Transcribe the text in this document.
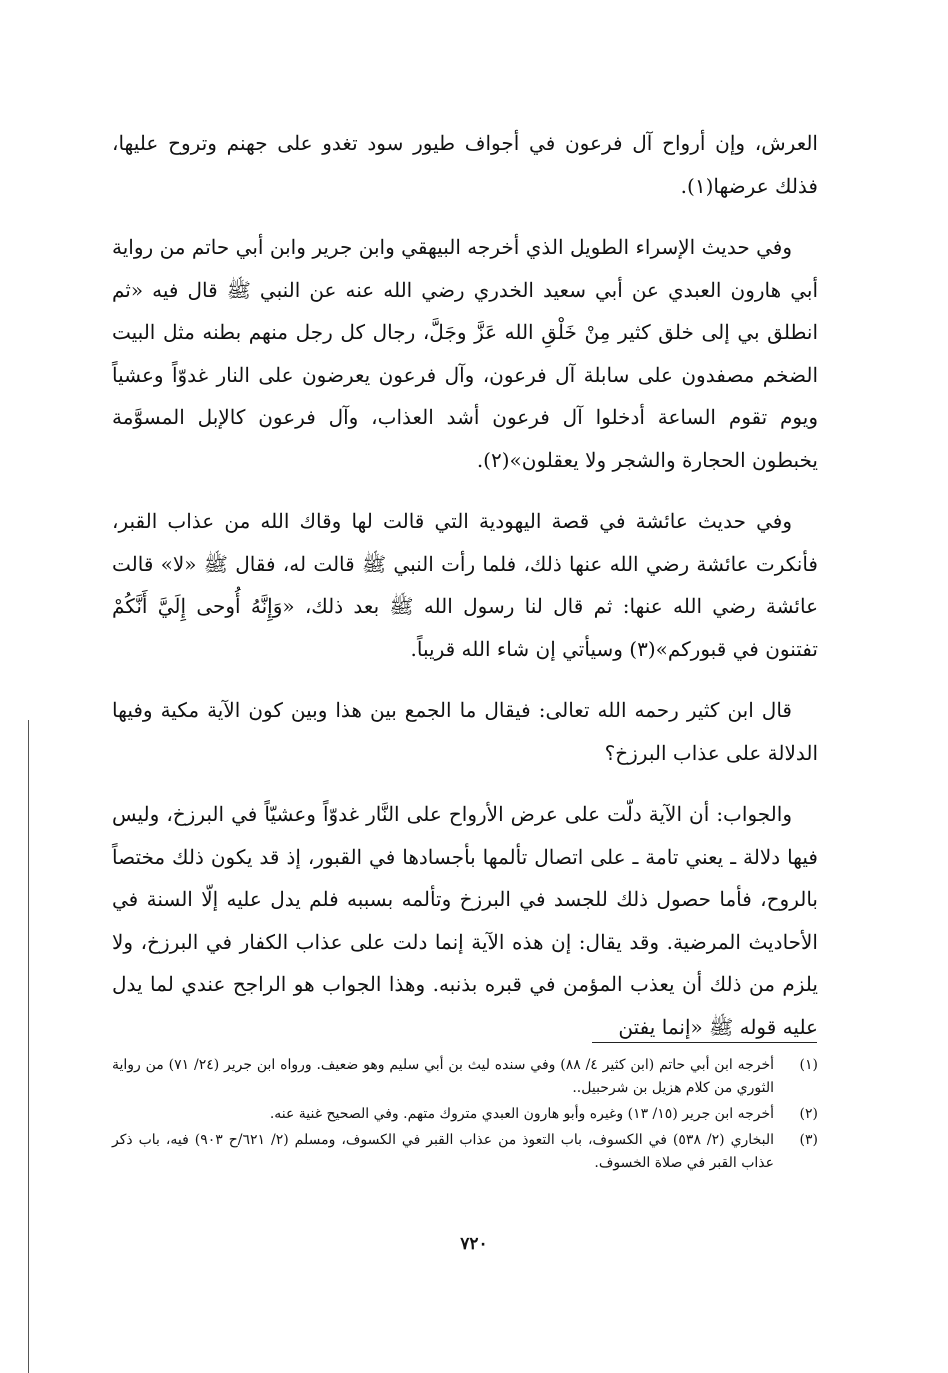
العرش، وإن أرواح آل فرعون في أجواف طيور سود تغدو على جهنم وتروح عليها، فذلك عرضها(١).

وفي حديث الإسراء الطويل الذي أخرجه البيهقي وابن جرير وابن أبي حاتم من رواية أبي هارون العبدي عن أبي سعيد الخدري رضي الله عنه عن النبي ﷺ قال فيه «ثم انطلق بي إلى خلق كثير مِنْ خَلْقِ الله عَزَّ وجَلَّ، رجال كل رجل منهم بطنه مثل البيت الضخم مصفدون على سابلة آل فرعون، وآل فرعون يعرضون على النار غدوّاً وعشياً ويوم تقوم الساعة أدخلوا آل فرعون أشد العذاب، وآل فرعون كالإبل المسوَّمة يخبطون الحجارة والشجر ولا يعقلون»(٢).

وفي حديث عائشة في قصة اليهودية التي قالت لها وقاك الله من عذاب القبر، فأنكرت عائشة رضي الله عنها ذلك، فلما رأت النبي ﷺ قالت له، فقال ﷺ «لا» قالت عائشة رضي الله عنها: ثم قال لنا رسول الله ﷺ بعد ذلك، «وَإِنَّهُ أُوحى إِلَيَّ أَنَّكُمْ تفتنون في قبوركم»(٣) وسيأتي إن شاء الله قريباً.

قال ابن كثير رحمه الله تعالى: فيقال ما الجمع بين هذا وبين كون الآية مكية وفيها الدلالة على عذاب البرزخ؟

والجواب: أن الآية دلّت على عرض الأرواح على النَّار غدوّاً وعشيّاً في البرزخ، وليس فيها دلالة ـ يعني تامة ـ على اتصال تألمها بأجسادها في القبور، إذ قد يكون ذلك مختصاً بالروح، فأما حصول ذلك للجسد في البرزخ وتألمه بسببه فلم يدل عليه إلّا السنة في الأحاديث المرضية. وقد يقال: إن هذه الآية إنما دلت على عذاب الكفار في البرزخ، ولا يلزم من ذلك أن يعذب المؤمن في قبره بذنبه. وهذا الجواب هو الراجح عندي لما يدل عليه قوله ﷺ «إنما يفتن

(١)
أخرجه ابن أبي حاتم (ابن كثير ٤/ ٨٨) وفي سنده ليث بن أبي سليم وهو ضعيف. ورواه ابن جرير (٢٤/ ٧١) من رواية الثوري من كلام هزيل بن شرحبيل..
(٢)
أخرجه ابن جرير (١٥/ ١٣) وغيره وأبو هارون العبدي متروك متهم. وفي الصحيح غنية عنه.
(٣)
البخاري (٢/ ٥٣٨) في الكسوف، باب التعوذ من عذاب القبر في الكسوف، ومسلم (٢/ ٦٢١/ح ٩٠٣) فيه، باب ذكر عذاب القبر في صلاة الخسوف.
٧٢٠
